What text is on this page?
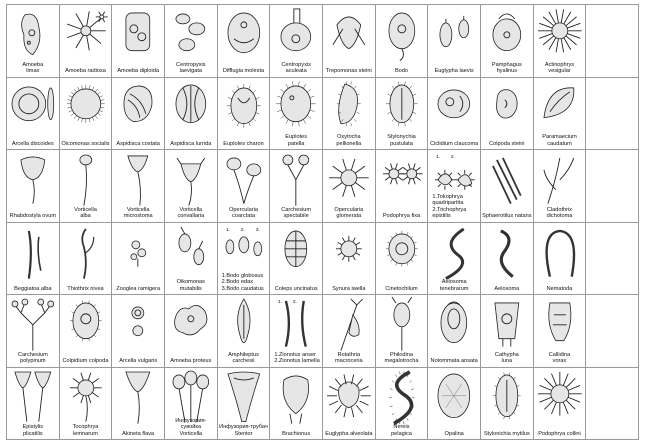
Amoeba
limax	Amoeba radiosa	Amoeba diploida
Centropyxis laevigata	Difflugia molesta
Centropyxis aculeata	Trepomonas steini	Bodo	Euglypha laevis
Pamphagus hyalinus
Actinophrys vesigular
Arcella discoides	Oicomonas socialis	Aspidisca costata	Aspidisca lurrida	Euplotes charon
Euplotes
patella
Oxytricha pellionella
Stylonychia pustulata	Ciclidium claucoma	Colpoda steini
Paramaecium
caudatum
Rhabdostyla ovum
Vorticella
alba
Vorticella
microstoma
Vorticella convallaria
Opercularia coarctata
Carchesium spectabile
Opercularia glomerata	Podophrya fixa
1. 2.
1.Tokophrya quadripartita
2.Trichophrya epistilis	Sphaerotilus natans
Cladothrix dichotoma
Beggiatoa alba	Thiothrix nivea	Zooglea ramigera
Oikomonas mutabilis
1. 2. 3.
1.Bodo globosus
2.Bodo edax
3.Bodo caudatus	Coleps uncinatus	Synura iwella	Cinetochilum
Aelosoma
tenebrarum	Aelosoma	Nematoda
Carchesium
polypinum	Colpidium colpoda	Arcella vulgaris	Amoeba proteus
Amphileptus carchesii
1. 2.
1.Zionotus anser
2.Zionotus lamella
Rotathria
macroceria
Philodina
megalotrocha	Notommata ansata
Cathypha
luna
Callidina
vorax
Epistylis
plicatilis
Tocophrya lemnarum	Akineta flava
Инфузория-сувойка
Vorticella
Инфузория-трубач
Stentor	Brachionus	Euglypha alveolata
Nereis
pelagica	Opalina	Stylonichia mytilus	Podophrya collini
